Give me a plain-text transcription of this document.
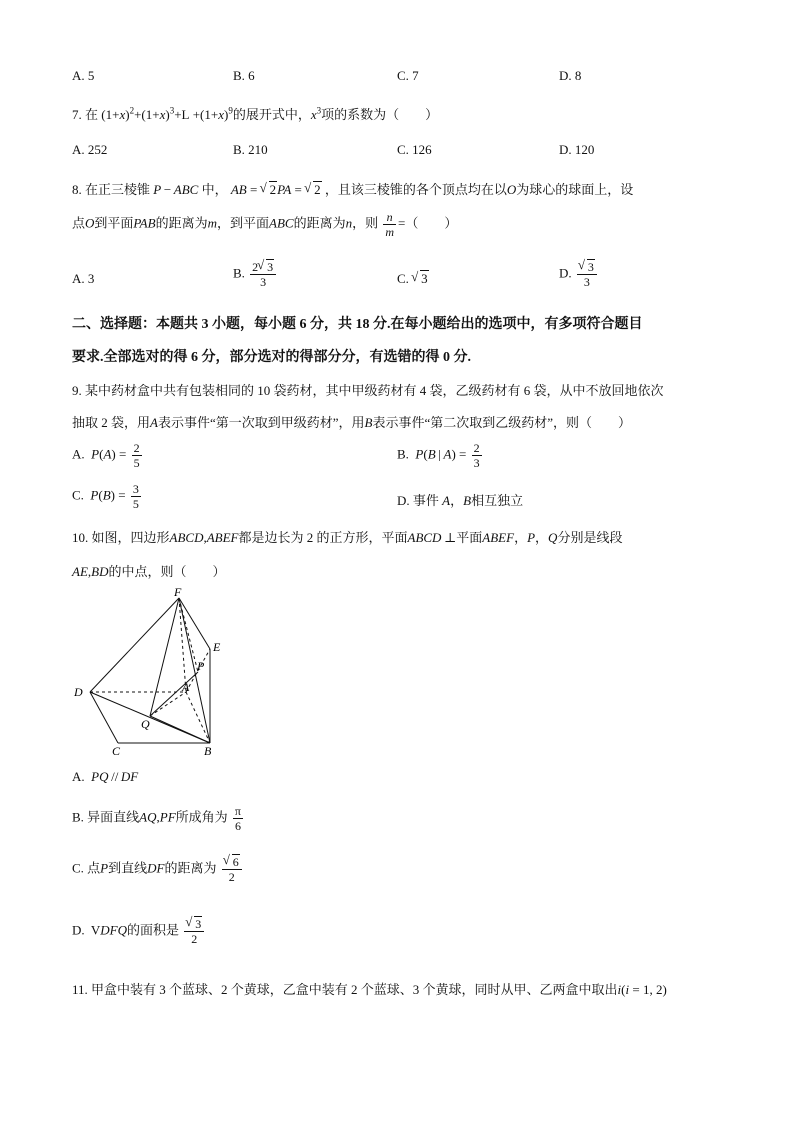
A. 5	B. 6	C. 7	D. 8
7. 在 $(1+x)^2+(1+x)^3+L +(1+x)^9$的展开式中，$x^3$项的系数为（　　）
A. 252	B. 210	C. 126	D. 120
8. 在正三棱锥 P − ABC 中， AB = √ 2PA = √ 2 ，且该三棱锥的各个顶点均在以O为球心的球面上，设
点O到平面PAB的距离为m，到平面ABC的距离为n，则 $\frac{n}{m}$ =（　　）
A. 3	B. $\frac{2 √ 3}{3}$	C. √ 3	D. √ $\frac{3}{3}$
二、选择题：本题共 3 小题，每小题 6 分，共 18 分.在每小题给出的选项中，有多项符合题目
要求.全部选对的得 6 分，部分选对的得部分分，有选错的得 0 分.
9. 某中药材盒中共有包装相同的 10 袋药材，其中甲级药材有 4 袋，乙级药材有 6 袋，从中不放回地依次
抽取 2 袋，用A表示事件“第一次取到甲级药材”，用B表示事件“第二次取到乙级药材”，则（　　）
A. $P(A) = \frac{2}{5}$	B. P(B | $A) = \frac{2}{3}$
C. $P(B) = \frac{3}{5}$	D. 事件 A，B相互独立
10. 如图，四边形ABCD,ABEF都是边长为 2 的正方形，平面ABCD ⊥平面ABEF，P，Q分别是线段
AE,BD的中点，则（　　）
F
E
P
A
D
Q
C	B
A. PQ // DF
B. 异面直线AQ,PF所成角为 $\frac{\pi}{6}$
C. 点P到直线DF的距离为 √ $\frac{6}{2}$
D.  VDFQ的面积是 √ $\frac{3}{2}$
11. 甲盒中装有 3 个蓝球、2 个黄球，乙盒中装有 2 个蓝球、3 个黄球，同时从甲、乙两盒中取出i(i = 1, 2)
